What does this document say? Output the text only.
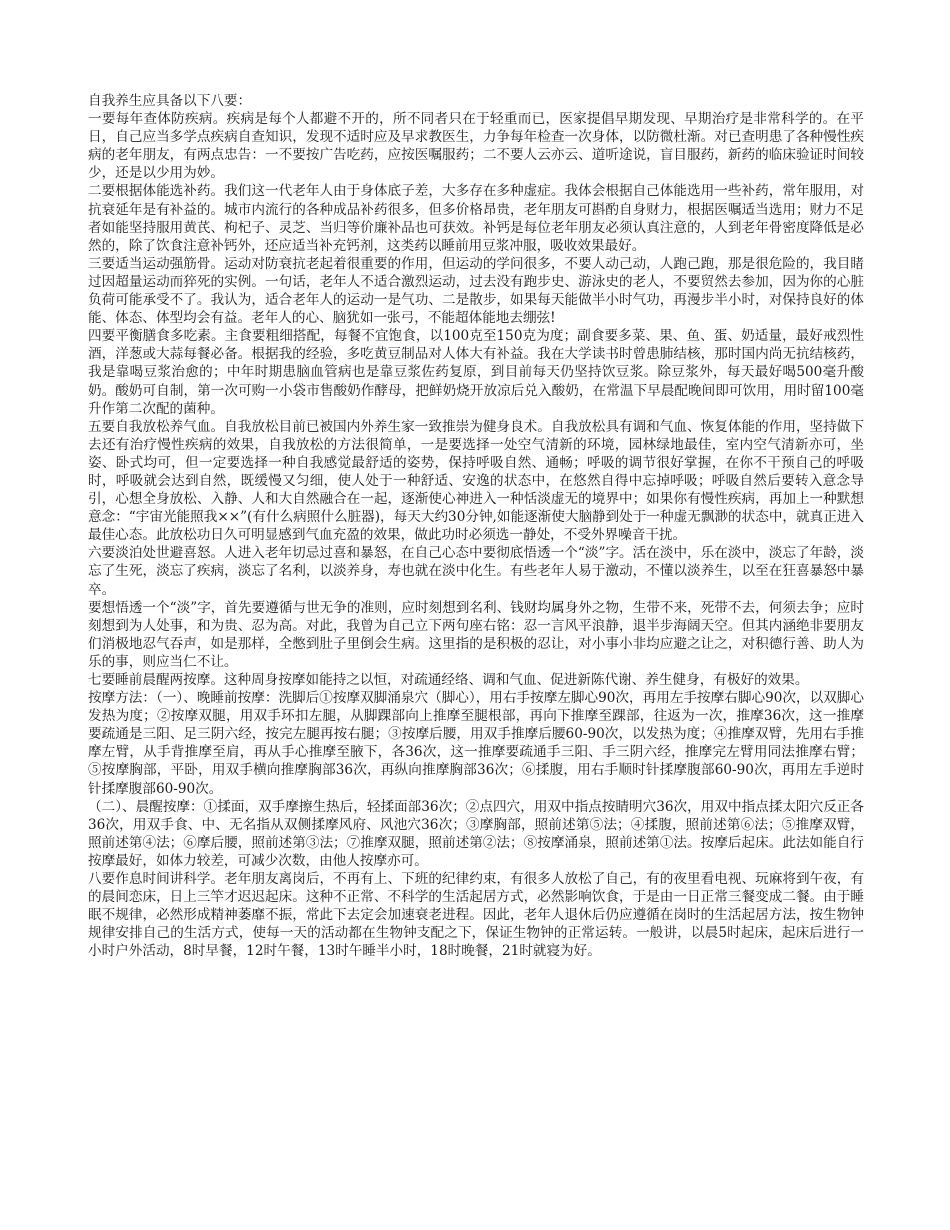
自我养生应具备以下八要：

一要每年查体防疾病。疾病是每个人都避不开的，所不同者只在于轻重而已，医家提倡早期发现、早期治疗是非常科学的。在平日，自己应当多学点疾病自查知识，发现不适时应及早求教医生，力争每年检查一次身体，以防微杜渐。对已查明患了各种慢性疾病的老年朋友，有两点忠告：一不要按广告吃药，应按医嘱服药；二不要人云亦云、道听途说，盲目服药，新药的临床验证时间较少，还是以少用为妙。

二要根据体能选补药。我们这一代老年人由于身体底子差，大多存在多种虚症。我体会根据自己体能选用一些补药，常年服用，对抗衰延年是有补益的。城市内流行的各种成品补药很多，但多价格昂贵，老年朋友可斟酌自身财力，根据医嘱适当选用；财力不足者如能坚持服用黄芪、枸杞子、灵芝、当归等价廉补品也可获效。补钙是每位老年朋友必须认真注意的，人到老年骨密度降低是必然的，除了饮食注意补钙外，还应适当补充钙剂，这类药以睡前用豆浆冲服，吸收效果最好。

三要适当运动强筋骨。运动对防衰抗老起着很重要的作用，但运动的学问很多，不要人动己动，人跑己跑，那是很危险的，我目睹过因超量运动而猝死的实例。一句话，老年人不适合激烈运动，过去没有跑步史、游泳史的老人，不要贸然去参加，因为你的心脏负荷可能承受不了。我认为，适合老年人的运动一是气功、二是散步，如果每天能做半小时气功，再漫步半小时，对保持良好的体能、体态、体型均会有益。老年人的心、脑犹如一张弓，不能超体能地去绷弦!

四要平衡膳食多吃素。主食要粗细搭配，每餐不宜饱食，以100克至150克为度；副食要多菜、果、鱼、蛋、奶适量，最好戒烈性酒，洋葱或大蒜每餐必备。根据我的经验，多吃黄豆制品对人体大有补益。我在大学读书时曾患肺结核，那时国内尚无抗结核药，我是靠喝豆浆治愈的；中年时期患脑血管病也是靠豆浆佐药复原，到目前每天仍坚持饮豆浆。除豆浆外，每天最好喝500毫升酸奶。酸奶可自制，第一次可购一小袋市售酸奶作酵母，把鲜奶烧开放凉后兑入酸奶，在常温下早晨配晚间即可饮用，用时留100毫升作第二次配的菌种。

五要自我放松养气血。自我放松目前已被国内外养生家一致推崇为健身良术。自我放松具有调和气血、恢复体能的作用，坚持做下去还有治疗慢性疾病的效果，自我放松的方法很简单，一是要选择一处空气清新的环境，园林绿地最佳，室内空气清新亦可，坐姿、卧式均可，但一定要选择一种自我感觉最舒适的姿势，保持呼吸自然、通畅；呼吸的调节很好掌握，在你不干预自己的呼吸时，呼吸就会达到自然，既缓慢又匀细，使人处于一种舒适、安逸的状态中，在悠然自得中忘掉呼吸；呼吸自然后要转入意念导引，心想全身放松、入静、人和大自然融合在一起，逐渐使心神进入一种恬淡虚无的境界中；如果你有慢性疾病，再加上一种默想意念：“宇宙光能照我××”(有什么病照什么脏器)，每天大约30分钟,如能逐渐使大脑静到处于一种虚无飘渺的状态中，就真正进入最佳心态。此放松功日久可明显感到气血充盈的效果，做此功时必须选一静处，不受外界噪音干扰。

六要淡泊处世避喜怒。人进入老年切忌过喜和暴怒，在自己心态中要彻底悟透一个“淡”字。活在淡中，乐在淡中，淡忘了年龄，淡忘了生死，淡忘了疾病，淡忘了名利，以淡养身，寿也就在淡中化生。有些老年人易于激动，不懂以淡养生，以至在狂喜暴怒中暴卒。

要想悟透一个“淡”字，首先要遵循与世无争的准则，应时刻想到名利、钱财均属身外之物，生带不来，死带不去，何须去争；应时刻想到为人处事，和为贵、忍为高。对此，我曾为自己立下两句座右铭：忍一言风平浪静，退半步海阔天空。但其内涵绝非要朋友们消极地忍气吞声，如是那样，全憋到肚子里倒会生病。这里指的是积极的忍让，对小事小非均应避之让之，对积德行善、助人为乐的事，则应当仁不让。

七要睡前晨醒两按摩。这种周身按摩如能持之以恒，对疏通经络、调和气血、促进新陈代谢、养生健身，有极好的效果。

按摩方法：（一）、晚睡前按摩：洗脚后①按摩双脚涌泉穴（脚心），用右手按摩左脚心90次，再用左手按摩右脚心90次，以双脚心发热为度；②按摩双腿，用双手环扣左腿，从脚踝部向上推摩至腿根部，再向下推摩至踝部，往返为一次，推摩36次，这一推摩要疏通是三阳、足三阴六经，按完左腿再按右腿；③按摩后腰，用双手推摩后腰60-90次，以发热为度；④推摩双臂，先用右手推摩左臂，从手背推摩至肩，再从手心推摩至腋下，各36次，这一推摩要疏通手三阳、手三阴六经，推摩完左臂用同法推摩右臂；⑤按摩胸部，平卧，用双手横向推摩胸部36次，再纵向推摩胸部36次；⑥揉腹，用右手顺时针揉摩腹部60-90次，再用左手逆时针揉摩腹部60-90次。

（二）、晨醒按摩：①揉面，双手摩擦生热后，轻揉面部36次；②点四穴，用双中指点按睛明穴36次，用双中指点揉太阳穴反正各36次，用双手食、中、无名指从双侧揉摩风府、风池穴36次；③摩胸部，照前述第⑤法；④揉腹，照前述第⑥法；⑤推摩双臂，照前述第④法；⑥摩后腰，照前述第③法；⑦推摩双腿，照前述第②法；⑧按摩涌泉，照前述第①法。按摩后起床。此法如能自行按摩最好，如体力较差，可减少次数，由他人按摩亦可。

八要作息时间讲科学。老年朋友离岗后，不再有上、下班的纪律约束，有很多人放松了自己，有的夜里看电视、玩麻将到午夜，有的晨间恋床，日上三竿才迟迟起床。这种不正常、不科学的生活起居方式，必然影响饮食，于是由一日正常三餐变成二餐。由于睡眠不规律，必然形成精神萎靡不振，常此下去定会加速衰老进程。因此，老年人退休后仍应遵循在岗时的生活起居方法，按生物钟规律安排自己的生活方式，使每一天的活动都在生物钟支配之下，保证生物钟的正常运转。一般讲，以晨5时起床，起床后进行一小时户外活动，8时早餐，12时午餐，13时午睡半小时，18时晚餐，21时就寝为好。
